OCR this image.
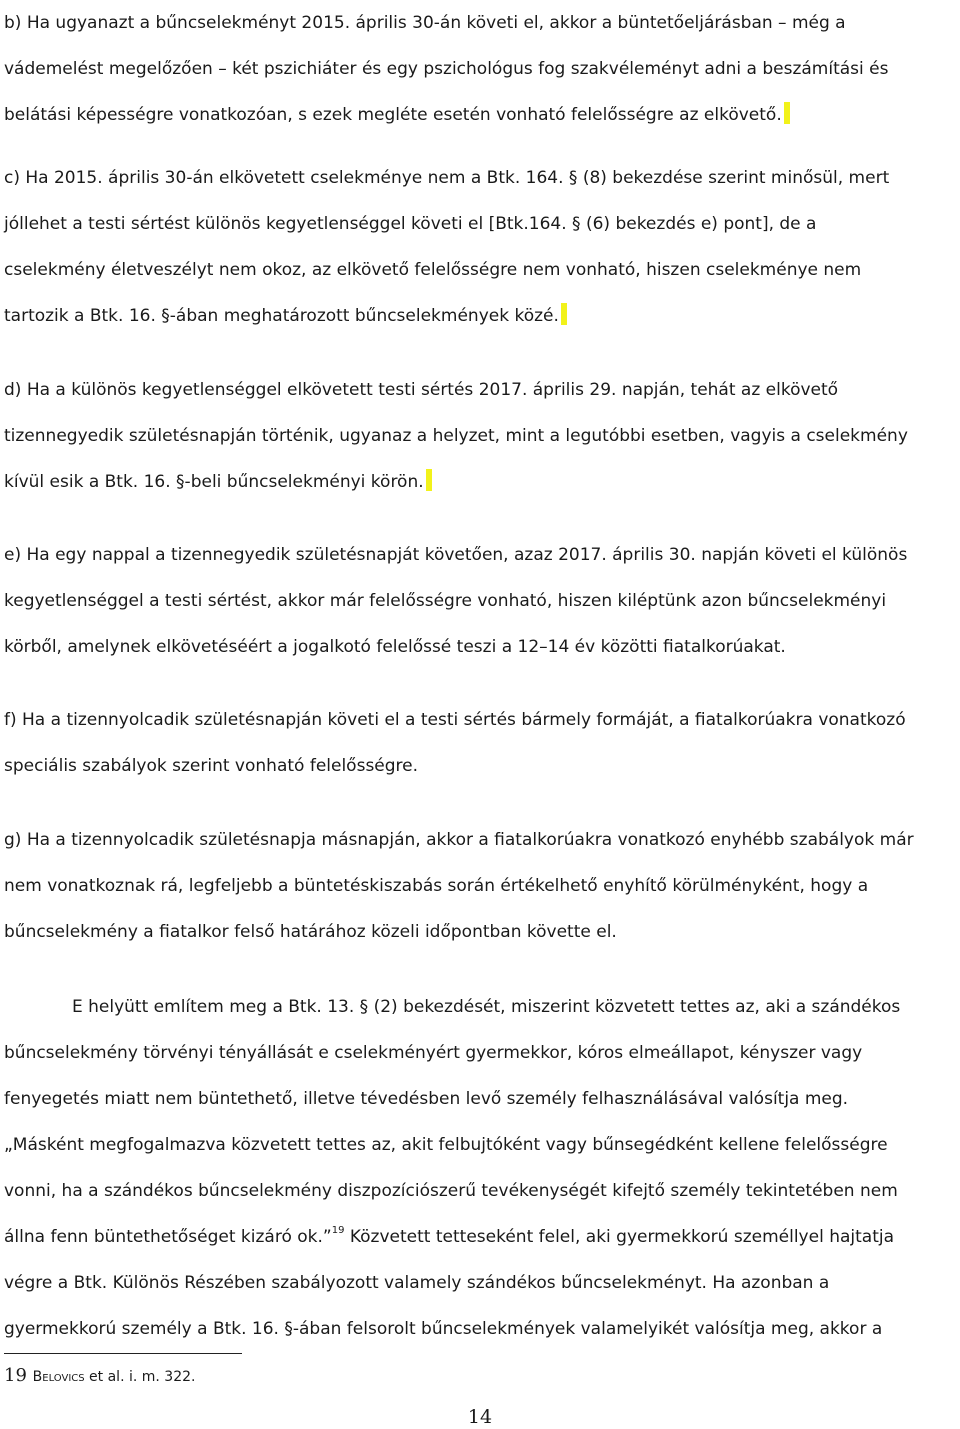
b) Ha ugyanazt a bűncselekményt 2015. április 30-án követi el, akkor a büntetőeljárásban – még a

vádemelést megelőzően – két pszichiáter és egy pszichológus fog szakvéleményt adni a beszámítási és

belátási képességre vonatkozóan, s ezek megléte esetén vonható felelősségre az elkövető.

c) Ha 2015. április 30-án elkövetett cselekménye nem a Btk. 164. § (8) bekezdése szerint minősül, mert

jóllehet a testi sértést különös kegyetlenséggel követi el [Btk.164. § (6) bekezdés e) pont], de a

cselekmény életveszélyt nem okoz, az elkövető felelősségre nem vonható, hiszen cselekménye nem

tartozik a Btk. 16. §-ában meghatározott bűncselekmények közé.

d) Ha a különös kegyetlenséggel elkövetett testi sértés 2017. április 29. napján, tehát az elkövető

tizennegyedik születésnapján történik, ugyanaz a helyzet, mint a legutóbbi esetben, vagyis a cselekmény

kívül esik a Btk. 16. §-beli bűncselekményi körön.

e) Ha egy nappal a tizennegyedik születésnapját követően, azaz 2017. április 30. napján követi el különös

kegyetlenséggel a testi sértést, akkor már felelősségre vonható, hiszen kiléptünk azon bűncselekményi

körből, amelynek elkövetéséért a jogalkotó felelőssé teszi a 12–14 év közötti fiatalkorúakat.

f) Ha a tizennyolcadik születésnapján követi el a testi sértés bármely formáját, a fiatalkorúakra vonatkozó

speciális szabályok szerint vonható felelősségre.

g) Ha a tizennyolcadik születésnapja másnapján, akkor a fiatalkorúakra vonatkozó enyhébb szabályok már

nem vonatkoznak rá, legfeljebb a büntetéskiszabás során értékelhető enyhítő körülményként, hogy a

bűncselekmény a fiatalkor felső határához közeli időpontban követte el.

E helyütt említem meg a Btk. 13. § (2) bekezdését, miszerint közvetett tettes az, aki a szándékos

bűncselekmény törvényi tényállását e cselekményért gyermekkor, kóros elmeállapot, kényszer vagy

fenyegetés miatt nem büntethető, illetve tévedésben levő személy felhasználásával valósítja meg.

„Másként megfogalmazva közvetett tettes az, akit felbujtóként vagy bűnsegédként kellene felelősségre

vonni, ha a szándékos bűncselekmény diszpozíciószerű tevékenységét kifejtő személy tekintetében nem

állna fenn büntethetőséget kizáró ok.”$^{19}$ Közvetett tetteseként felel, aki gyermekkorú személlyel hajtatja

végre a Btk. Különös Részében szabályozott valamely szándékos bűncselekményt. Ha azonban a

gyermekkorú személy a Btk. 16. §-ában felsorolt bűncselekmények valamelyikét valósítja meg, akkor a

19 Belovics et al. i. m. 322.
14
